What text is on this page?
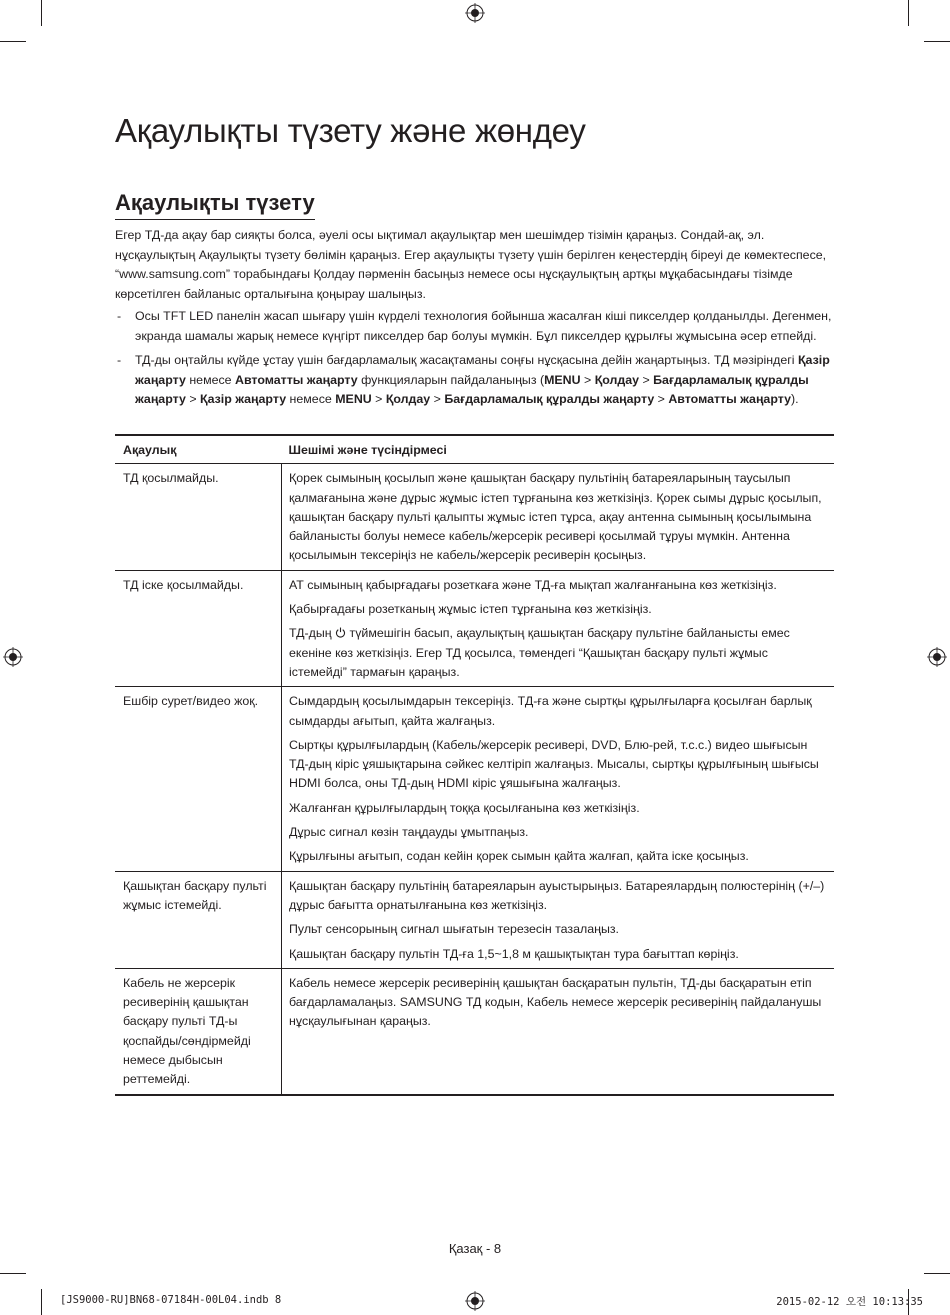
Ақаулықты түзету және жөндеу
Ақаулықты түзету

Егер ТД-да ақау бар сияқты болса, әуелі осы ықтимал ақаулықтар мен шешімдер тізімін қараңыз. Сондай-ақ, эл. нұсқаулықтың Ақаулықты түзету бөлімін қараңыз. Егер ақаулықты түзету үшін берілген кеңестердің біреуі де көмектеспесе, “www.samsung.com” торабындағы Қолдау пәрменін басыңыз немесе осы нұсқаулықтың артқы мұқабасындағы тізімде көрсетілген байланыс орталығына қоңырау шалыңыз.

- Осы TFT LED панелін жасап шығару үшін күрделі технология бойынша жасалған кіші пикселдер қолданылды. Дегенмен, экранда шамалы жарық немесе күңгірт пикселдер бар болуы мүмкін. Бұл пикселдер құрылғы жұмысына әсер етпейді.
- ТД-ды оңтайлы күйде ұстау үшін бағдарламалық жасақтаманы соңғы нұсқасына дейін жаңартыңыз. ТД мәзіріндегі Қазір жаңарту немесе Автоматты жаңарту функцияларын пайдаланыңыз (MENU > Қолдау > Бағдарламалық құралды жаңарту > Қазір жаңарту немесе MENU > Қолдау > Бағдарламалық құралды жаңарту > Автоматты жаңарту).
Ақаулық	Шешімі және түсіндірмесі
ТД қосылмайды.	Қорек сымының қосылып және қашықтан басқару пультінің батареяларының таусылып қалмағанына және дұрыс жұмыс істеп тұрғанына көз жеткізіңіз. Қорек сымы дұрыс қосылып, қашықтан басқару пульті қалыпты жұмыс істеп тұрса, ақау антенна сымының қосылымына байланысты болуы немесе кабель/жерсерік ресивері қосылмай тұруы мүмкін. Антенна қосылымын тексеріңіз не кабель/жерсерік ресиверін қосыңыз.

ТД іске қосылмайды.	АТ сымының қабырғадағы розеткаға және ТД-ға мықтап жалғанғанына көз жеткізіңіз.

Қабырғадағы розетканың жұмыс істеп тұрғанына көз жеткізіңіз.

ТД-дың  түймешігін басып, ақаулықтың қашықтан басқару пультіне байланысты емес екеніне көз жеткізіңіз. Егер ТД қосылса, төмендегі “Қашықтан басқару пульті жұмыс істемейді” тармағын қараңыз.

Ешбір сурет/видео жоқ.	Сымдардың қосылымдарын тексеріңіз. ТД-ға және сыртқы құрылғыларға қосылған барлық сымдарды ағытып, қайта жалғаңыз.

Сыртқы құрылғылардың (Кабель/жерсерік ресивері, DVD, Блю-рей, т.с.с.) видео шығысын ТД-дың кіріс ұяшықтарына сәйкес келтіріп жалғаңыз. Мысалы, сыртқы құрылғының шығысы HDMI болса, оны ТД-дың HDMI кіріс ұяшығына жалғаңыз.

Жалғанған құрылғылардың тоққа қосылғанына көз жеткізіңіз.

Дұрыс сигнал көзін таңдауды ұмытпаңыз.

Құрылғыны ағытып, содан кейін қорек сымын қайта жалғап, қайта іске қосыңыз.

Қашықтан басқару пульті жұмыс істемейді.	Қашықтан басқару пультінің батареяларын ауыстырыңыз. Батареялардың полюстерінің (+/–) дұрыс бағытта орнатылғанына көз жеткізіңіз.

Пульт сенсорының сигнал шығатын терезесін тазалаңыз.

Қашықтан басқару пультін ТД-ға 1,5~1,8 м қашықтықтан тура бағыттап көріңіз.

Кабель не жерсерік ресиверінің қашықтан басқару пульті ТД-ы қоспайды/сөндірмейді немесе дыбысын реттемейді.	Кабель немесе жерсерік ресиверінің қашықтан басқаратын пультін, ТД-ды басқаратын етіп бағдарламалаңыз. SAMSUNG ТД кодын, Кабель немесе жерсерік ресиверінің пайдаланушы нұсқаулығынан қараңыз.

Қазақ - 8
[JS9000-RU]BN68-07184H-00L04.indb 8	2015-02-12 오전 10:13:35
